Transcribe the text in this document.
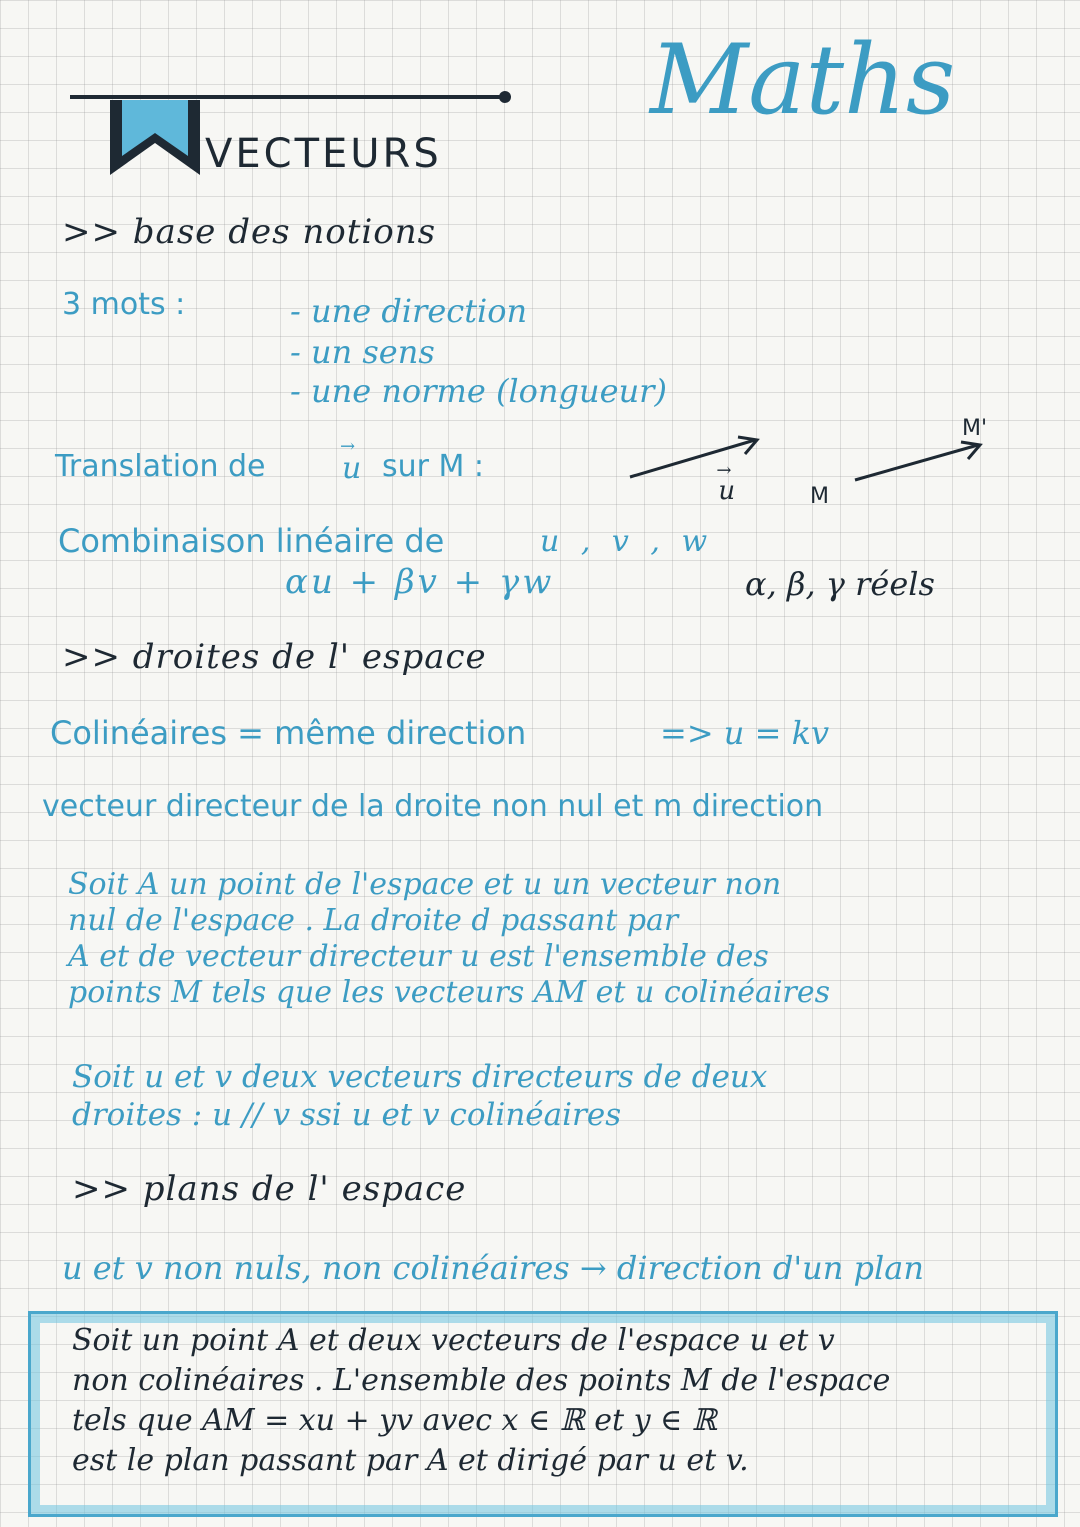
Maths
VECTEURS
>> base des notions
3 mots :	- une direction
- un sens
- une norme (longueur)
Translation de
→	u sur M :
→ u	M
M'
Combinaison linéaire de	u , v , w
αu + βv + γw	α, β, γ réels
>> droites de l' espace
Colinéaires = même direction	=> u = kv
vecteur directeur de la droite non nul et m direction
Soit A un point de l'espace et u un vecteur non
nul de l'espace . La droite d passant par
A et de vecteur directeur u est l'ensemble des
points M tels que les vecteurs AM et u colinéaires
Soit u et v deux vecteurs directeurs de deux
droites : u // v ssi u et v colinéaires
>> plans de l' espace
u et v non nuls, non colinéaires → direction d'un plan
Soit un point A et deux vecteurs de l'espace u et v
non colinéaires . L'ensemble des points M de l'espace
tels que AM = xu + yv avec x ∈ ℝ et y ∈ ℝ
est le plan passant par A et dirigé par u et v.
